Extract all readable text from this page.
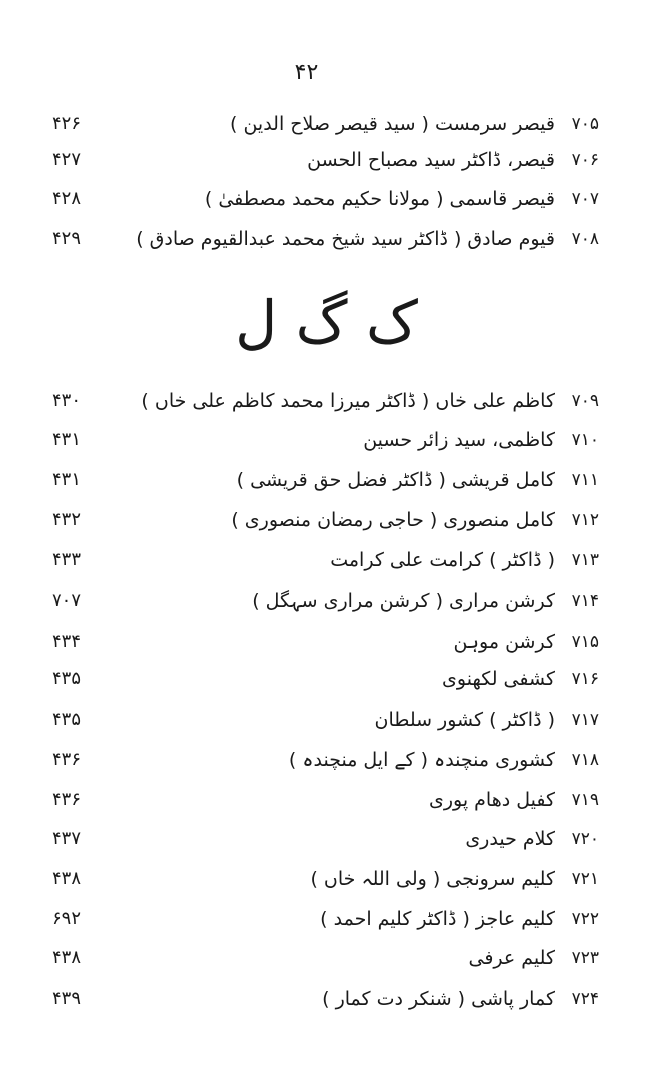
۴۲
۴۲۶	قیصر سرمست ( سید قیصر صلاح الدین ) ۷۰۵
۴۲۷	قیصر، ڈاکٹر سید مصباح الحسن ۷۰۶
۴۲۸	قیصر قاسمی ( مولانا حکیم محمد مصطفیٰ ) ۷۰۷
۴۲۹	قیوم صادق ( ڈاکٹر سید شیخ محمد عبدالقیوم صادق ) ۷۰۸
ک گ ل
۴۳۰	کاظم علی خاں ( ڈاکٹر میرزا محمد کاظم علی خاں ) ۷۰۹
۴۳۱	کاظمی، سید زائر حسین ۷۱۰
۴۳۱	کامل قریشی ( ڈاکٹر فضل حق قریشی ) ۷۱۱
۴۳۲	کامل منصوری ( حاجی رمضان منصوری ) ۷۱۲
۴۳۳	( ڈاکٹر ) کرامت علی کرامت ۷۱۳
۷۰۷	کرشن مراری ( کرشن مراری سہگل ) ۷۱۴
۴۳۴	کرشن موہن ۷۱۵
۴۳۵	کشفی لکھنوی ۷۱۶
۴۳۵	( ڈاکٹر ) کشور سلطان ۷۱۷
۴۳۶	کشوری منچندہ ( کے ایل منچندہ ) ۷۱۸
۴۳۶	کفیل دھام پوری ۷۱۹
۴۳۷	کلام حیدری ۷۲۰
۴۳۸	کلیم سرونجی ( ولی اللہ خاں ) ۷۲۱
۶۹۲	کلیم عاجز ( ڈاکٹر کلیم احمد ) ۷۲۲
۴۳۸	کلیم عرفی ۷۲۳
۴۳۹	کمار پاشی ( شنکر دت کمار ) ۷۲۴
